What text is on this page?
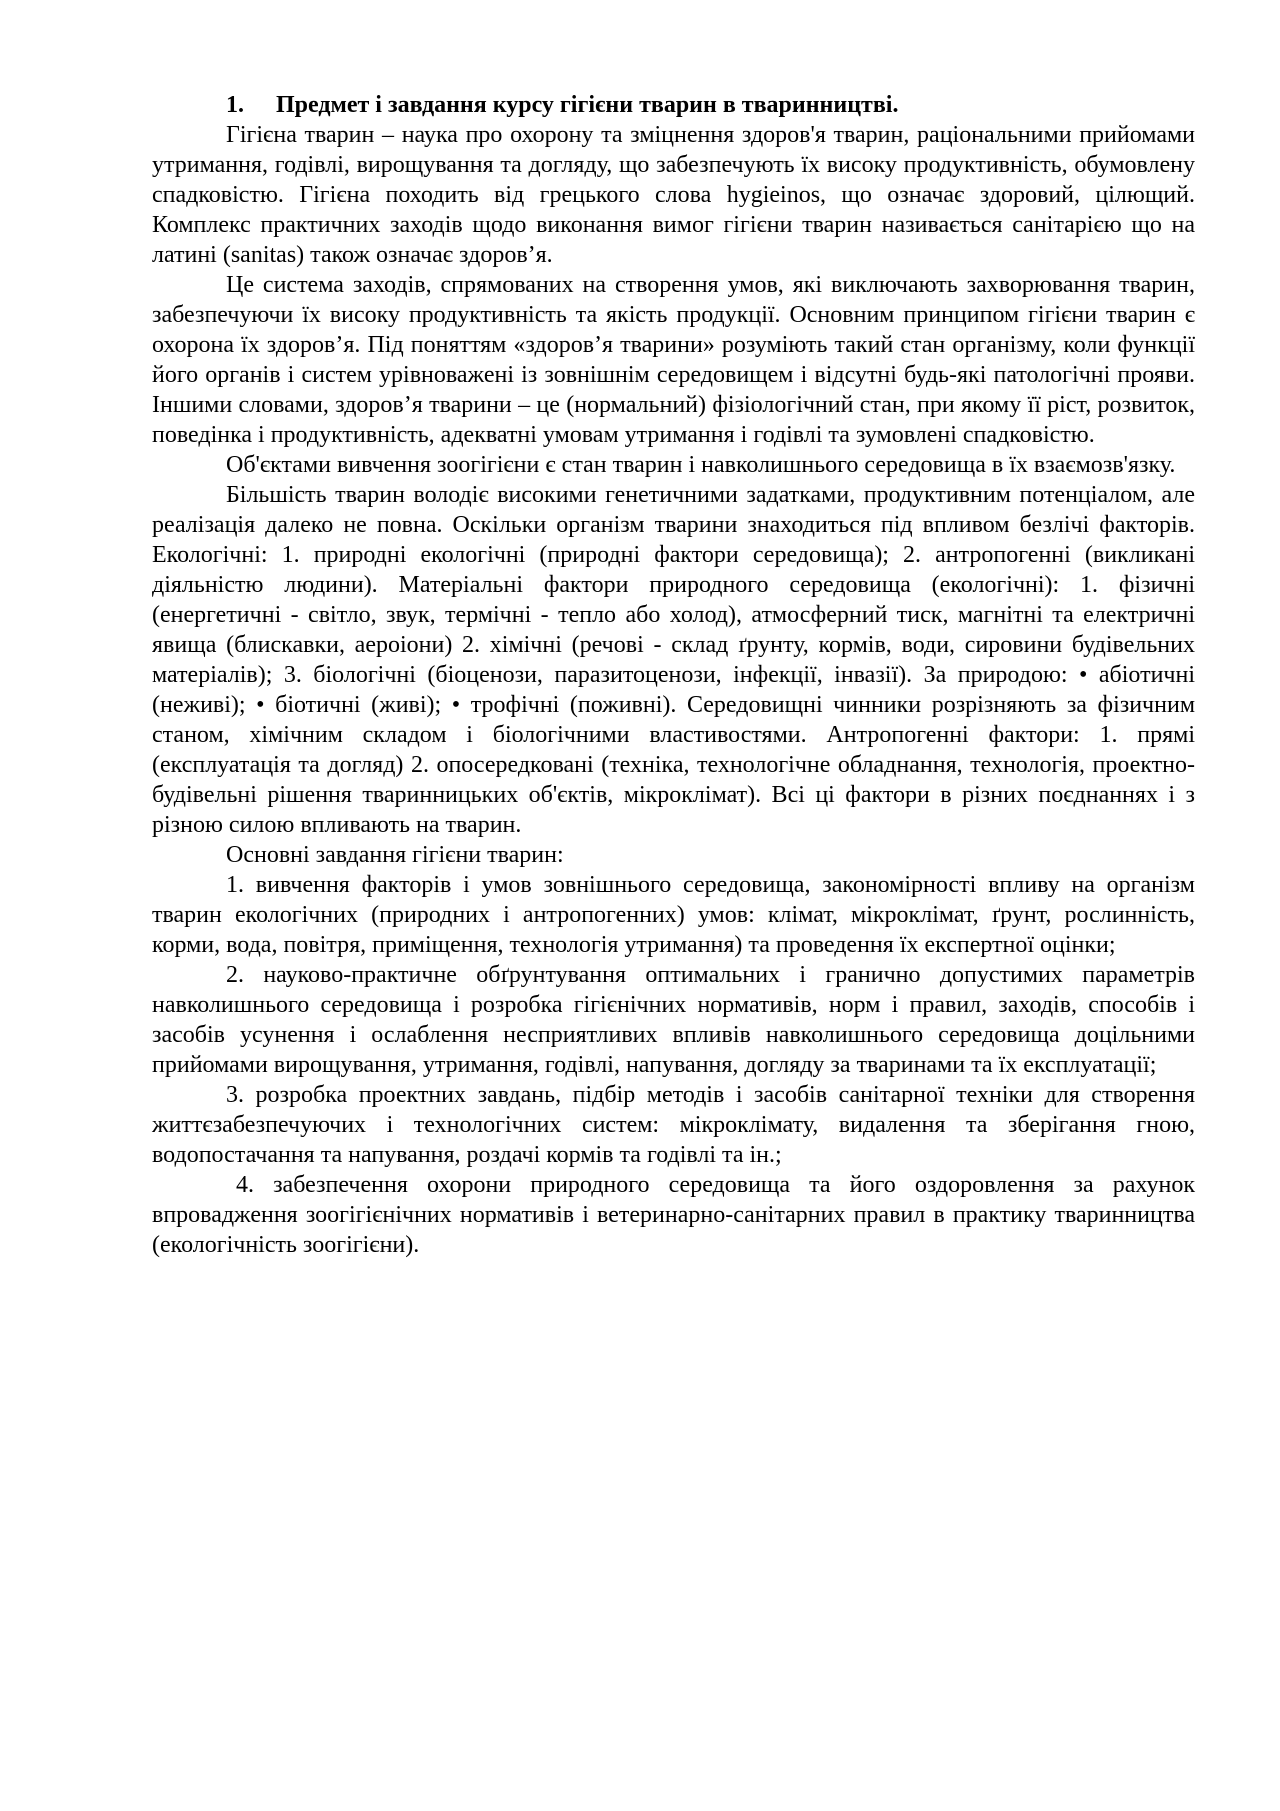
1. Предмет і завдання курсу гігієни тварин в тваринництві.

Гігієна тварин – наука про охорону та зміцнення здоров'я тварин, раціональними прийомами утримання, годівлі, вирощування та догляду, що забезпечують їх високу продуктивність, обумовлену спадковістю. Гігієна походить від грецького слова hygieinos, що означає здоровий, цілющий. Комплекс практичних заходів щодо виконання вимог гігієни тварин називається санітарією що на латині (sanitas) також означає здоров’я.

Це система заходів, спрямованих на створення умов, які виключають захворювання тварин, забезпечуючи їх високу продуктивність та якість продукції. Основним принципом гігієни тварин є охорона їх здоров’я. Під поняттям «здоров’я тварини» розуміють такий стан організму, коли функції його органів і систем урівноважені із зовнішнім середовищем і відсутні будь-які патологічні прояви. Іншими словами, здоров’я тварини – це (нормальний) фізіологічний стан, при якому її ріст, розвиток, поведінка і продуктивність, адекватні умовам утримання і годівлі та зумовлені спадковістю.

Об'єктами вивчення зоогігієни є стан тварин і навколишнього середовища в їх взаємозв'язку.

Більшість тварин володіє високими генетичними задатками, продуктивним потенціалом, але реалізація далеко не повна. Оскільки організм тварини знаходиться під впливом безлічі факторів. Екологічні: 1. природні екологічні (природні фактори середовища); 2. антропогенні (викликані діяльністю людини). Матеріальні фактори природного середовища (екологічні): 1. фізичні (енергетичні - світло, звук, термічні - тепло або холод), атмосферний тиск, магнітні та електричні явища (блискавки, аероіони) 2. хімічні (речові - склад ґрунту, кормів, води, сировини будівельних матеріалів); 3. біологічні (біоценози, паразитоценози, інфекції, інвазії). За природою: • абіотичні (неживі); • біотичні (живі); • трофічні (поживні). Середовищні чинники розрізняють за фізичним станом, хімічним складом і біологічними властивостями. Антропогенні фактори: 1. прямі (експлуатація та догляд) 2. опосередковані (техніка, технологічне обладнання, технологія, проектно-будівельні рішення тваринницьких об'єктів, мікроклімат). Всі ці фактори в різних поєднаннях і з різною силою впливають на тварин.

Основні завдання гігієни тварин:

1. вивчення факторів і умов зовнішнього середовища, закономірності впливу на організм тварин екологічних (природних і антропогенних) умов: клімат, мікроклімат, ґрунт, рослинність, корми, вода, повітря, приміщення, технологія утримання) та проведення їх експертної оцінки;

2. науково-практичне обґрунтування оптимальних і гранично допустимих параметрів навколишнього середовища і розробка гігієнічних нормативів, норм і правил, заходів, способів і засобів усунення і ослаблення несприятливих впливів навколишнього середовища доцільними прийомами вирощування, утримання, годівлі, напування, догляду за тваринами та їх експлуатації;

3. розробка проектних завдань, підбір методів і засобів санітарної техніки для створення життєзабезпечуючих і технологічних систем: мікроклімату, видалення та зберігання гною, водопостачання та напування, роздачі кормів та годівлі та ін.;

4. забезпечення охорони природного середовища та його оздоровлення за рахунок впровадження зоогігієнічних нормативів і ветеринарно-санітарних правил в практику тваринництва (екологічність зоогігієни).
